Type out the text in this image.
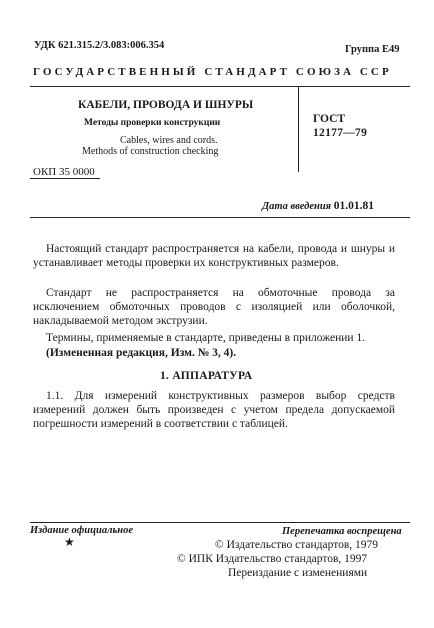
УДК 621.315.2/3.083:006.354	Группа Е49
ГОСУДАРСТВЕННЫЙ СТАНДАРТ СОЮЗА ССР
КАБЕЛИ, ПРОВОДА И ШНУРЫ
Методы проверки конструкции
Cables, wires and cords.
Methods of construction checking
ГОСТ
12177—79
ОКП 35 0000
Дата введения 01.01.81
Настоящий стандарт распространяется на кабели, провода и шнуры и устанавливает методы проверки их конструктивных размеров.
Стандарт не распространяется на обмоточные провода за исключением обмоточных проводов с изоляцией или оболочкой, накладываемой методом экструзии.
Термины, применяемые в стандарте, приведены в приложении 1.
(Измененная редакция, Изм. № 3, 4).
1. АППАРАТУРА
1.1. Для измерений конструктивных размеров выбор средств измерений должен быть произведен с учетом предела допускаемой погрешности измерений в соответствии с таблицей.
Издание официальное
★
Перепечатка воспрещена
© Издательство стандартов, 1979
© ИПК Издательство стандартов, 1997
Переиздание с изменениями
